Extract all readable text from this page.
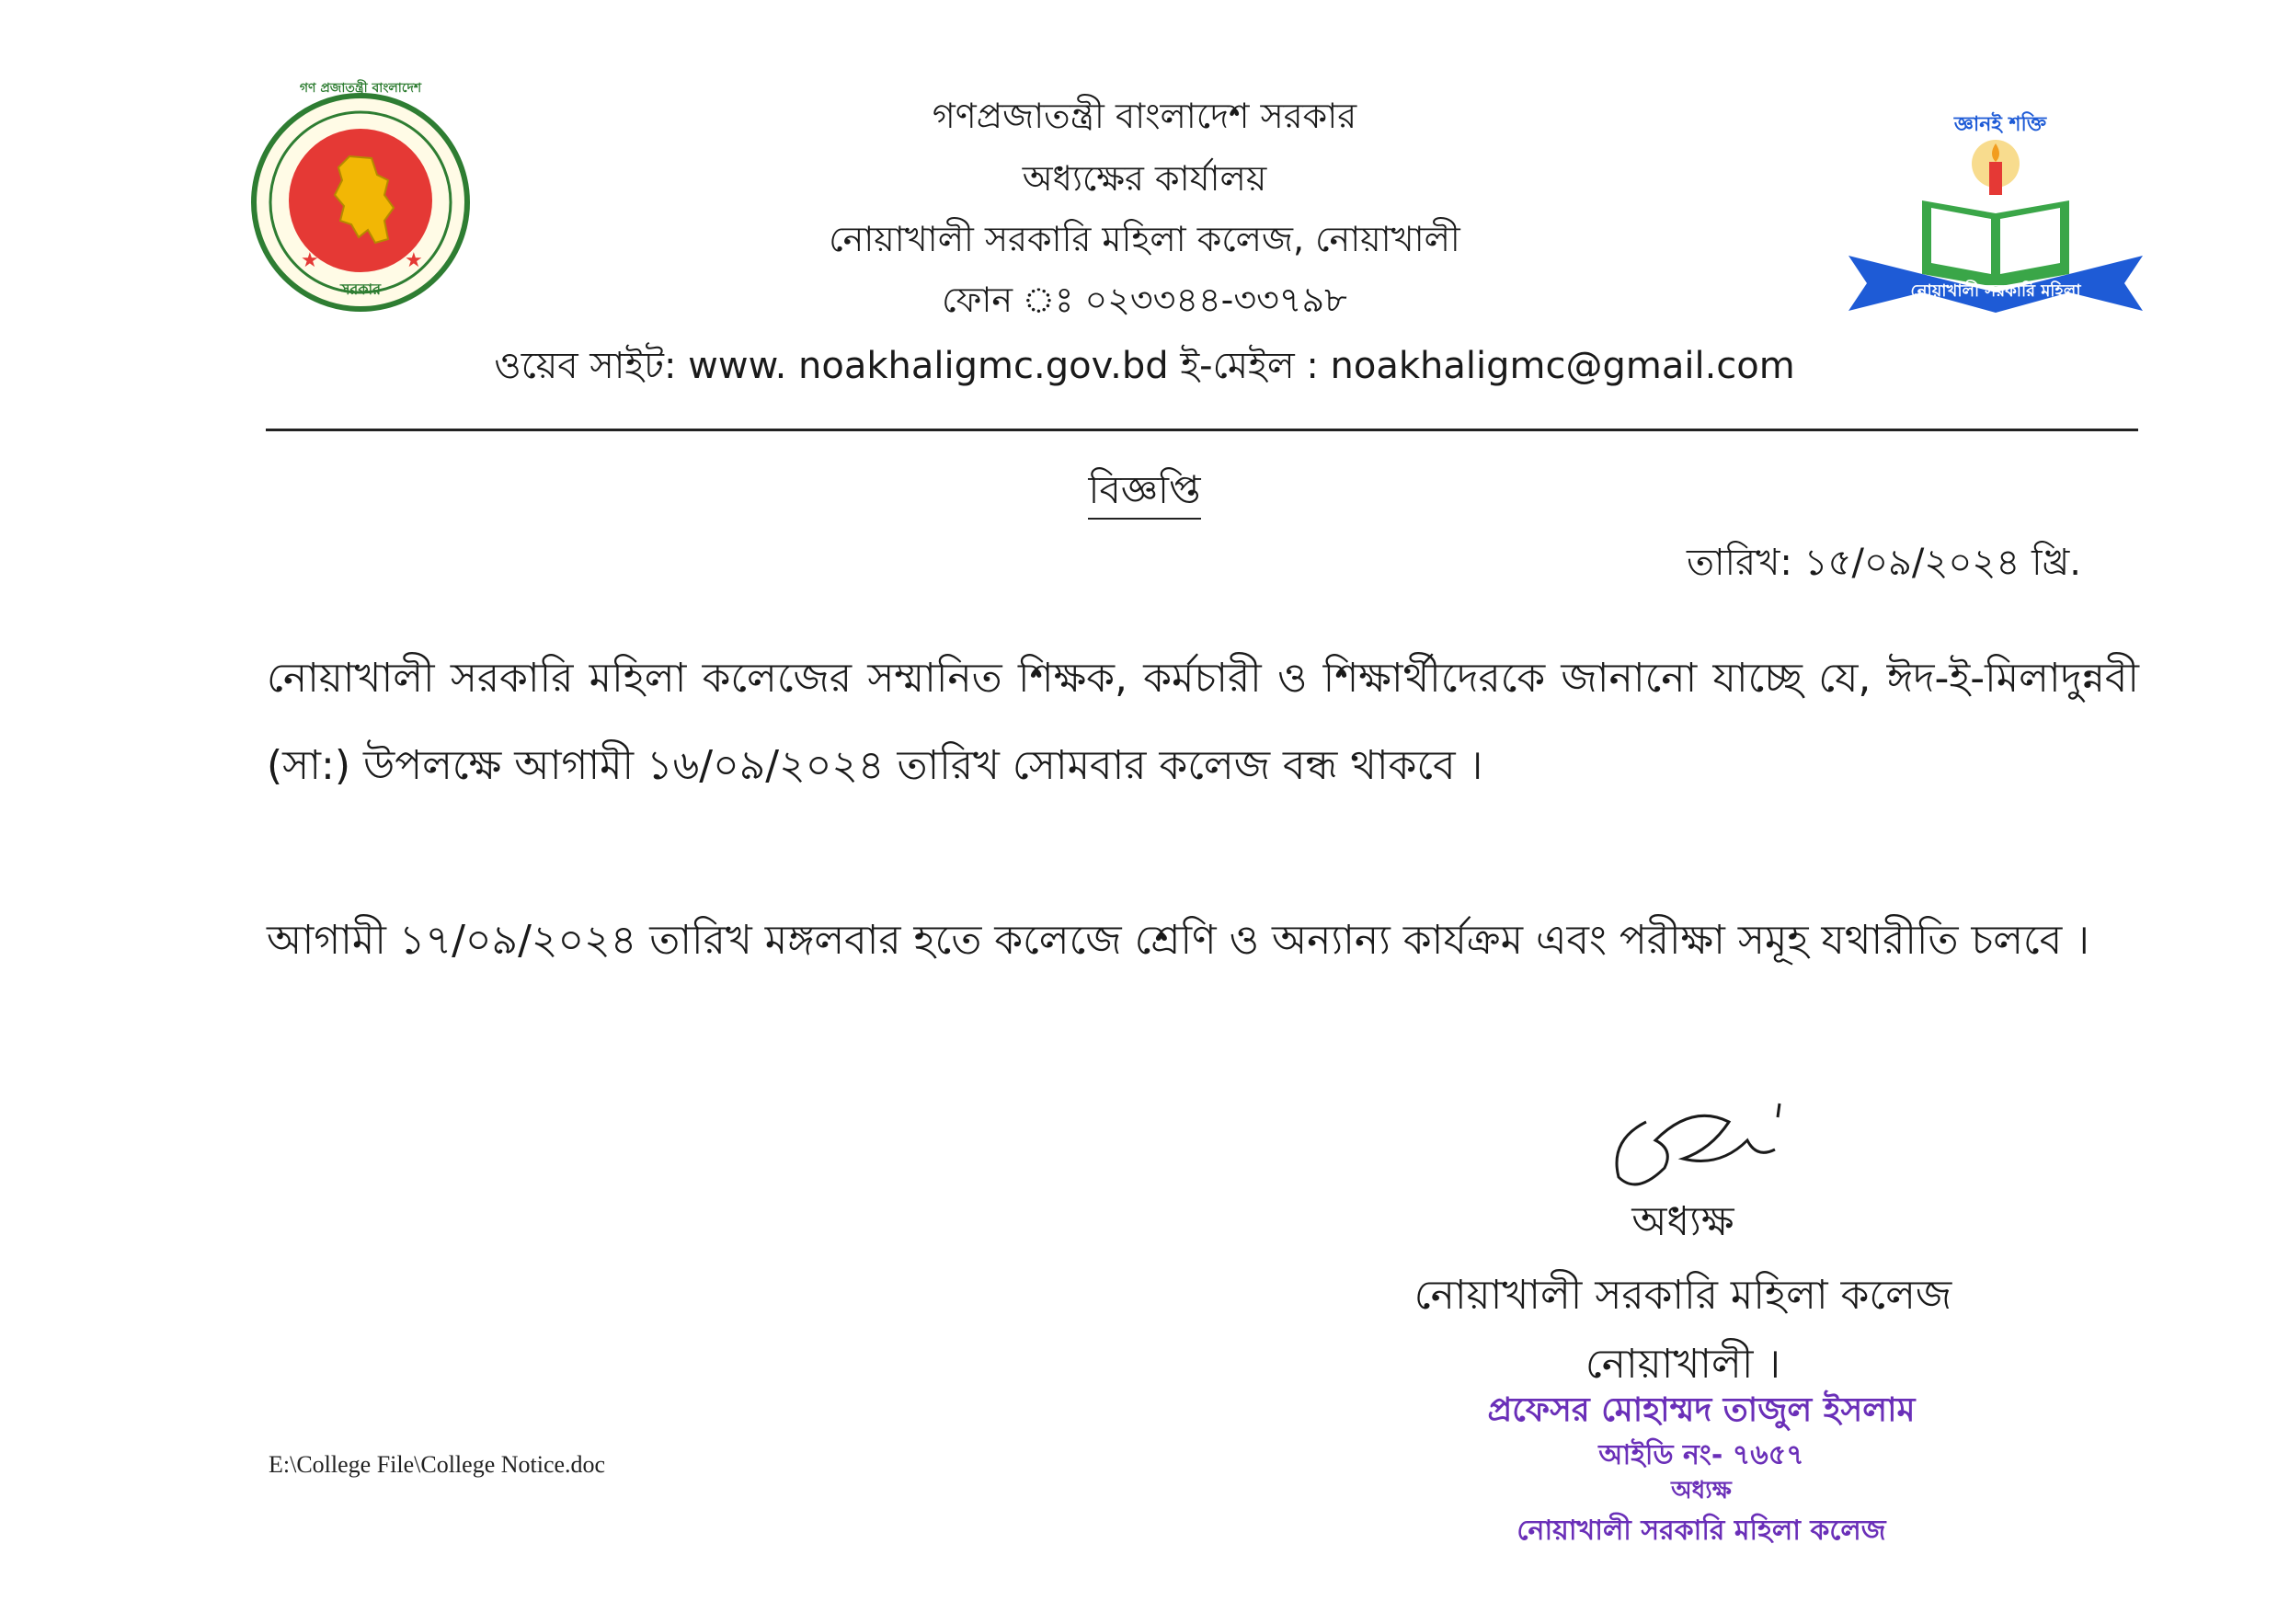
★	★
গণ প্রজাতন্ত্রী বাংলাদেশ
সরকার
জ্ঞানই শক্তি
নোয়াখালী সরকারি মহিলা কলেজ
গণপ্রজাতন্ত্রী বাংলাদেশ সরকার
অধ্যক্ষের কার্যালয়
নোয়াখালী সরকারি মহিলা কলেজ, নোয়াখালী
ফোন ঃ ০২৩৩৪৪-৩৩৭৯৮
ওয়েব সাইট: www. noakhaligmc.gov.bd ই-মেইল : noakhaligmc@gmail.com
বিজ্ঞপ্তি
তারিখ: ১৫/০৯/২০২৪ খ্রি.
নোয়াখালী সরকারি মহিলা কলেজের সম্মানিত শিক্ষক, কর্মচারী ও শিক্ষার্থীদেরকে জানানো যাচ্ছে যে, ঈদ-ই-মিলাদুন্নবী (সা:) উপলক্ষে আগামী ১৬/০৯/২০২৪ তারিখ সোমবার কলেজ বন্ধ থাকবে ।
আগামী ১৭/০৯/২০২৪ তারিখ মঙ্গলবার হতে কলেজে শ্রেণি ও অন্যান্য কার্যক্রম এবং পরীক্ষা সমূহ যথারীতি চলবে ।
অধ্যক্ষ
নোয়াখালী সরকারি মহিলা কলেজ
নোয়াখালী ।
প্রফেসর মোহাম্মদ তাজুল ইসলাম
আইডি নং- ৭৬৫৭
অধ্যক্ষ
নোয়াখালী সরকারি মহিলা কলেজ
E:\College File\College Notice.doc
